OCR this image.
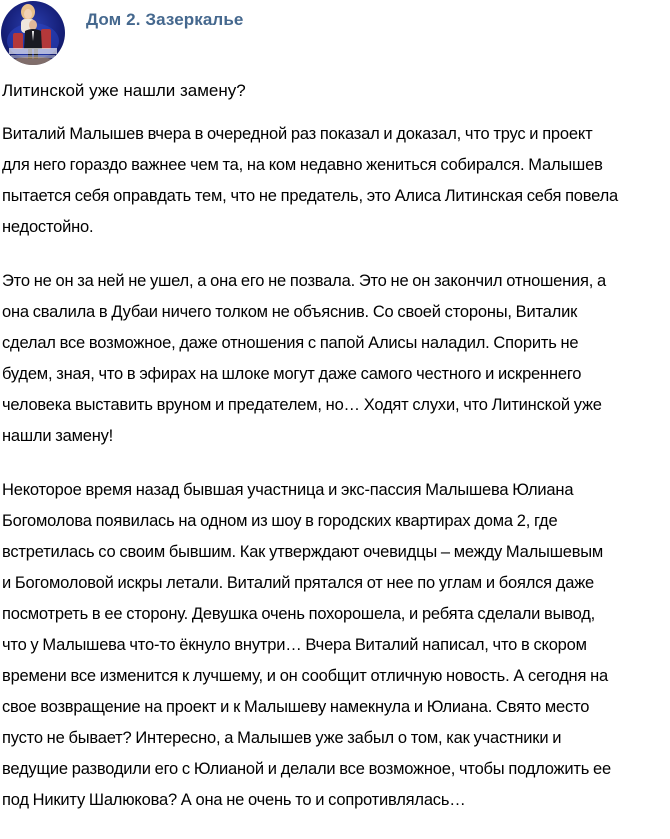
Дом 2. Зазеркалье
Литинской уже нашли замену?
Виталий Малышев вчера в очередной раз показал и доказал, что трус и проект
для него гораздо важнее чем та, на ком недавно жениться собирался. Малышев
пытается себя оправдать тем, что не предатель, это Алиса Литинская себя повела
недостойно.
Это не он за ней не ушел, а она его не позвала. Это не он закончил отношения, а
она свалила в Дубаи ничего толком не объяснив. Со своей стороны, Виталик
сделал все возможное, даже отношения с папой Алисы наладил. Спорить не
будем, зная, что в эфирах на шлоке могут даже самого честного и искреннего
человека выставить вруном и предателем, но… Ходят слухи, что Литинской уже
нашли замену!
Некоторое время назад бывшая участница и экс-пассия Малышева Юлиана
Богомолова появилась на одном из шоу в городских квартирах дома 2, где
встретилась со своим бывшим. Как утверждают очевидцы – между Малышевым
и Богомоловой искры летали. Виталий прятался от нее по углам и боялся даже
посмотреть в ее сторону. Девушка очень похорошела, и ребята сделали вывод,
что у Малышева что-то ёкнуло внутри… Вчера Виталий написал, что в скором
времени все изменится к лучшему, и он сообщит отличную новость. А сегодня на
свое возвращение на проект и к Малышеву намекнула и Юлиана. Свято место
пусто не бывает? Интересно, а Малышев уже забыл о том, как участники и
ведущие разводили его с Юлианой и делали все возможное, чтобы подложить ее
под Никиту Шалюкова? А она не очень то и сопротивлялась…
